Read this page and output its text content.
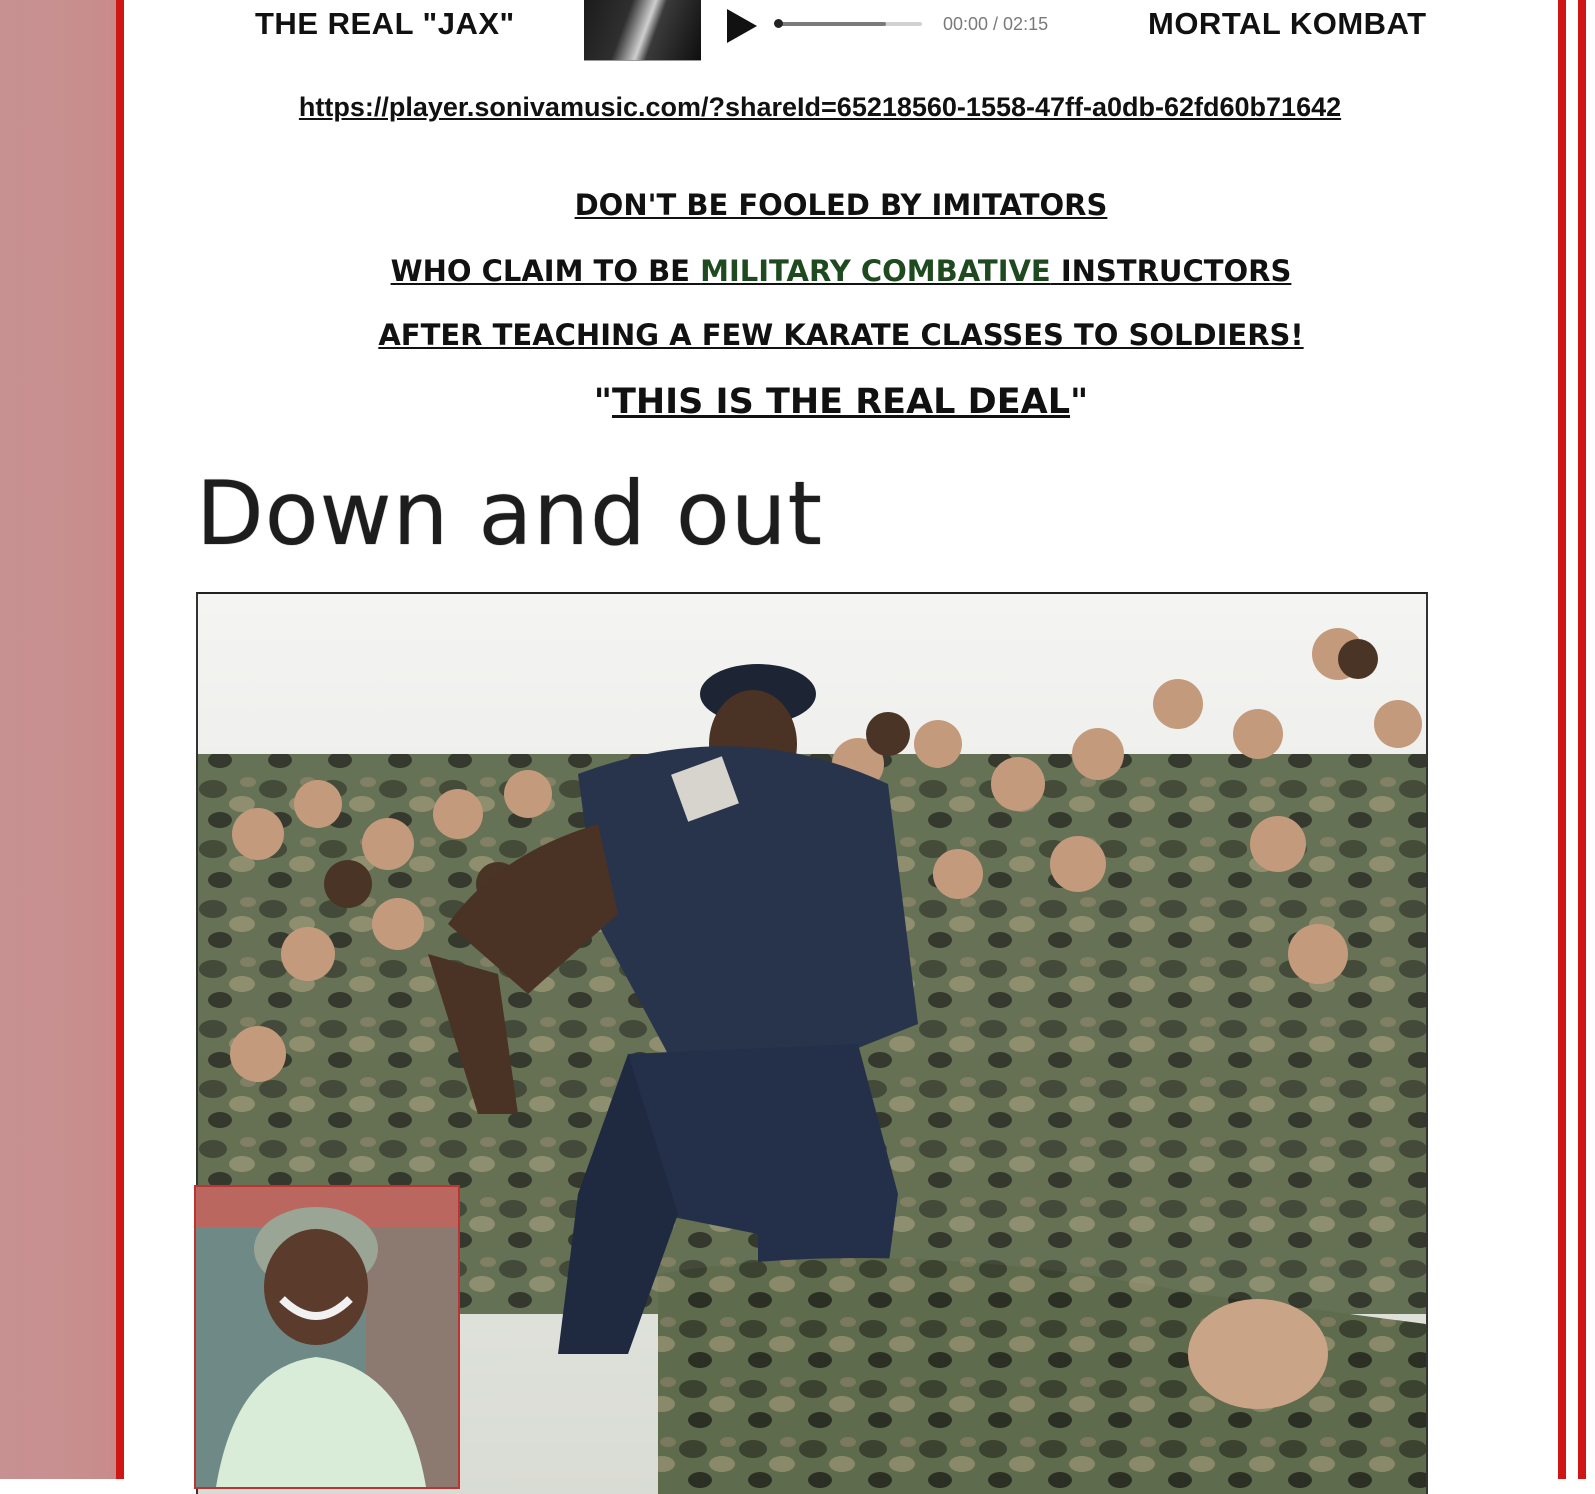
THE REAL "JAX"	00:00 / 02:15	MORTAL KOMBAT
https://player.sonivamusic.com/?shareId=65218560-1558-47ff-a0db-62fd60b71642
DON'T BE FOOLED BY IMITATORS
WHO CLAIM TO BE MILITARY COMBATIVE INSTRUCTORS
AFTER TEACHING A FEW KARATE CLASSES TO SOLDIERS!
"THIS IS THE REAL DEAL"
Down and out
